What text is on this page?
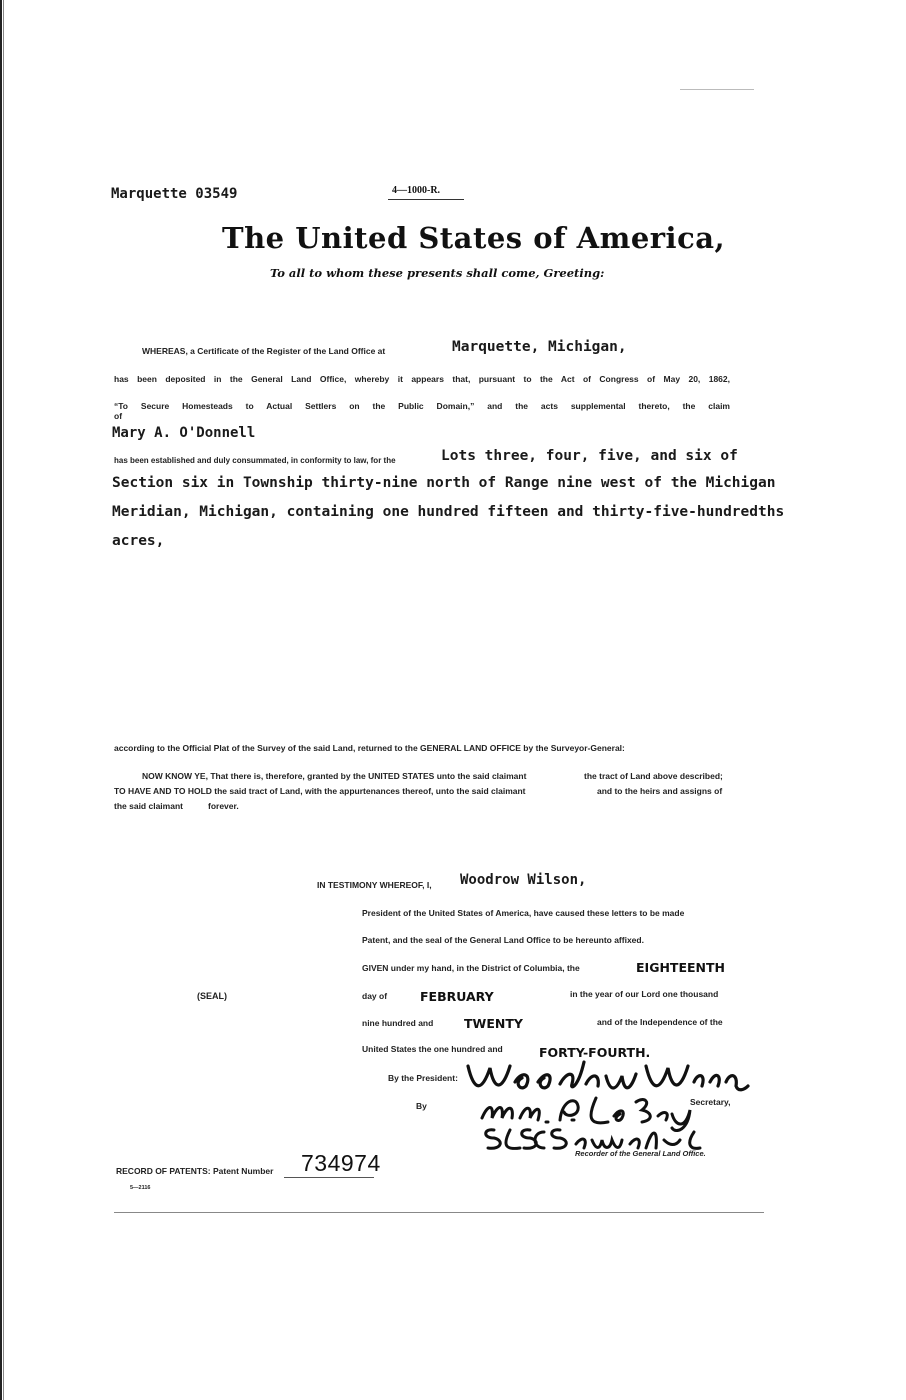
Marquette 03549	4—1000-R.
The United States of America,
To all to whom these presents shall come, Greeting:
WHEREAS, a Certificate of the Register of the Land Office at	Marquette, Michigan,
has been deposited in the General Land Office, whereby it appears that, pursuant to the Act of Congress of May 20, 1862,
“To Secure Homesteads to Actual Settlers on the Public Domain,” and the acts supplemental thereto, the claim of
Mary A. O'Donnell
has been established and duly consummated, in conformity to law, for the	Lots three, four, five, and six of
Section six in Township thirty-nine north of Range nine west of the Michigan
Meridian, Michigan, containing one hundred fifteen and thirty-five-hundredths
acres,
according to the Official Plat of the Survey of the said Land, returned to the GENERAL LAND OFFICE by the Surveyor-General:
NOW KNOW YE, That there is, therefore, granted by the UNITED STATES unto the said claimant	the tract of Land above described;
TO HAVE AND TO HOLD the said tract of Land, with the appurtenances thereof, unto the said claimant	and to the heirs and assigns of
the said claimant	forever.
IN TESTIMONY WHEREOF, I, Woodrow Wilson,
President of the United States of America, have caused these letters to be made
Patent, and the seal of the General Land Office to be hereunto affixed.
GIVEN under my hand, in the District of Columbia, the	EIGHTEENTH
(SEAL)	day of	FEBRUARY	in the year of our Lord one thousand
nine hundred and TWENTY	and of the Independence of the
United States the one hundred and	FORTY-FOURTH.
By the President:
By	Secretary,
Recorder of the General Land Office.
RECORD OF PATENTS: Patent Number 734974
5—2116
